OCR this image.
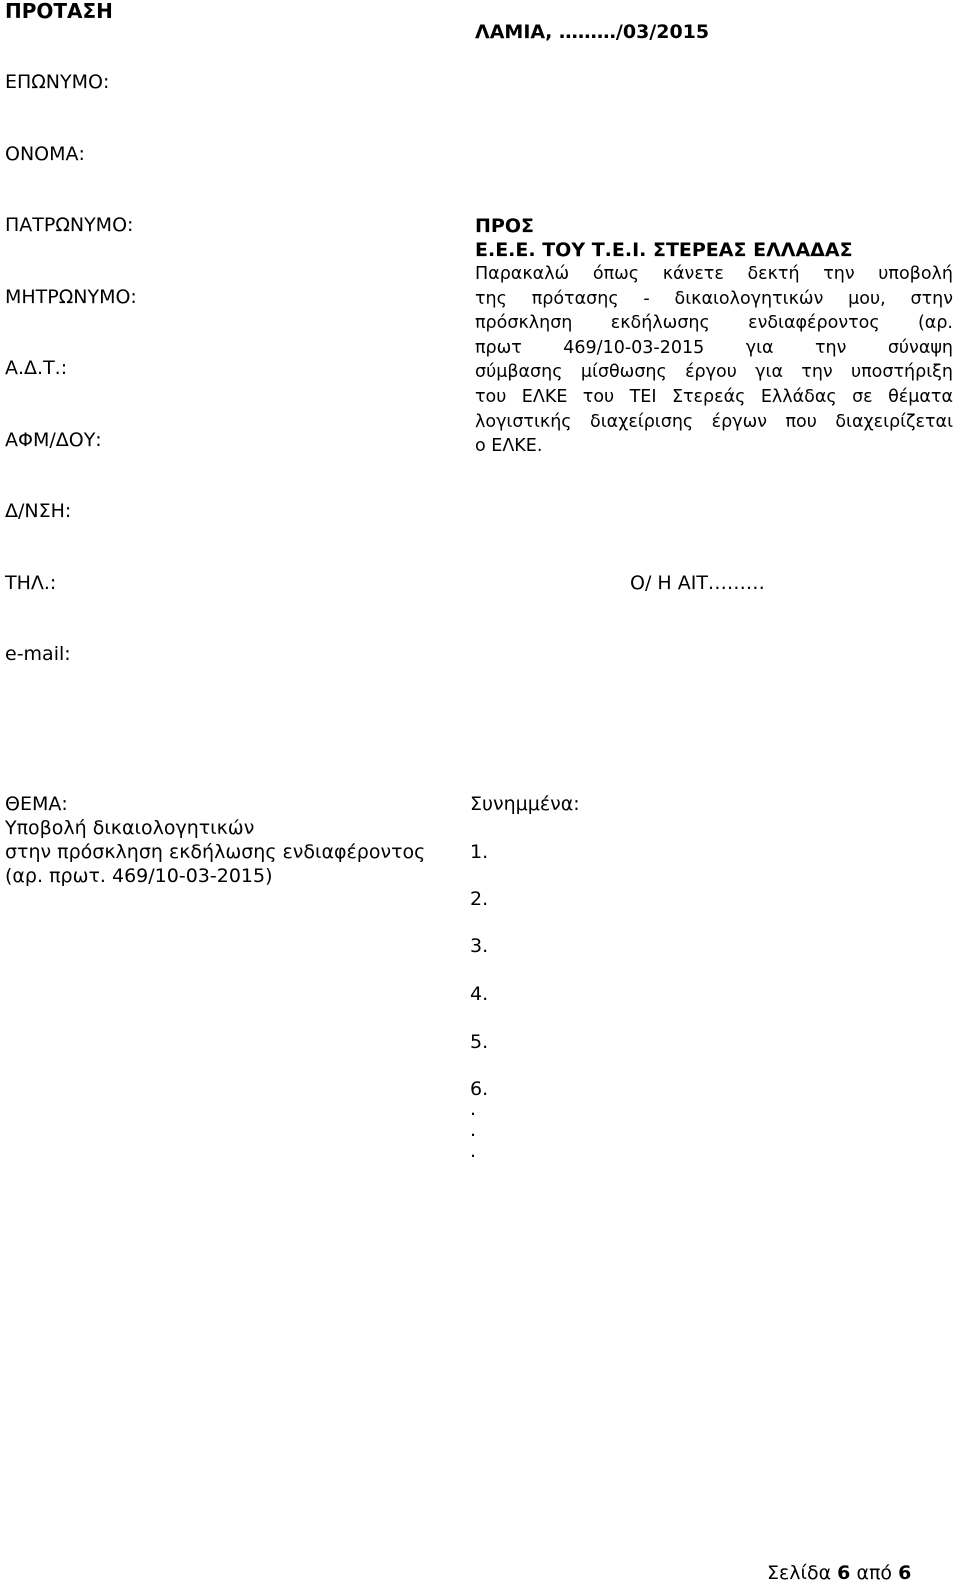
ΠΡΟΤΑΣΗ
ΛΑΜΙΑ, ………/03/2015
ΕΠΩΝΥΜΟ:
ΟΝΟΜΑ:
ΠΑΤΡΩΝΥΜΟ:
ΜΗΤΡΩΝΥΜΟ:
Α.Δ.Τ.:
ΑΦΜ/ΔΟΥ:
Δ/ΝΣΗ:
ΤΗΛ.:
e-mail:
ΠΡΟΣ
Ε.Ε.Ε. ΤΟΥ Τ.Ε.Ι. ΣΤΕΡΕΑΣ ΕΛΛΑΔΑΣ
Παρακαλώ όπως κάνετε δεκτή την υποβολή
της πρότασης - δικαιολογητικών μου, στην
πρόσκληση εκδήλωσης ενδιαφέροντος (αρ.
πρωτ 469/10-03-2015 για την σύναψη
σύμβασης μίσθωσης έργου για την υποστήριξη
του ΕΛΚΕ του ΤΕΙ Στερεάς Ελλάδας σε θέματα
λογιστικής διαχείρισης έργων που διαχειρίζεται
ο ΕΛΚΕ.
Ο/ Η ΑΙΤ………
ΘΕΜΑ:
Υποβολή δικαιολογητικών
στην πρόσκληση εκδήλωσης ενδιαφέροντος
(αρ. πρωτ. 469/10-03-2015)
Συνημμένα:
1.
2.
3.
4.
5.
6.
.
.
.
Σελίδα 6 από 6
